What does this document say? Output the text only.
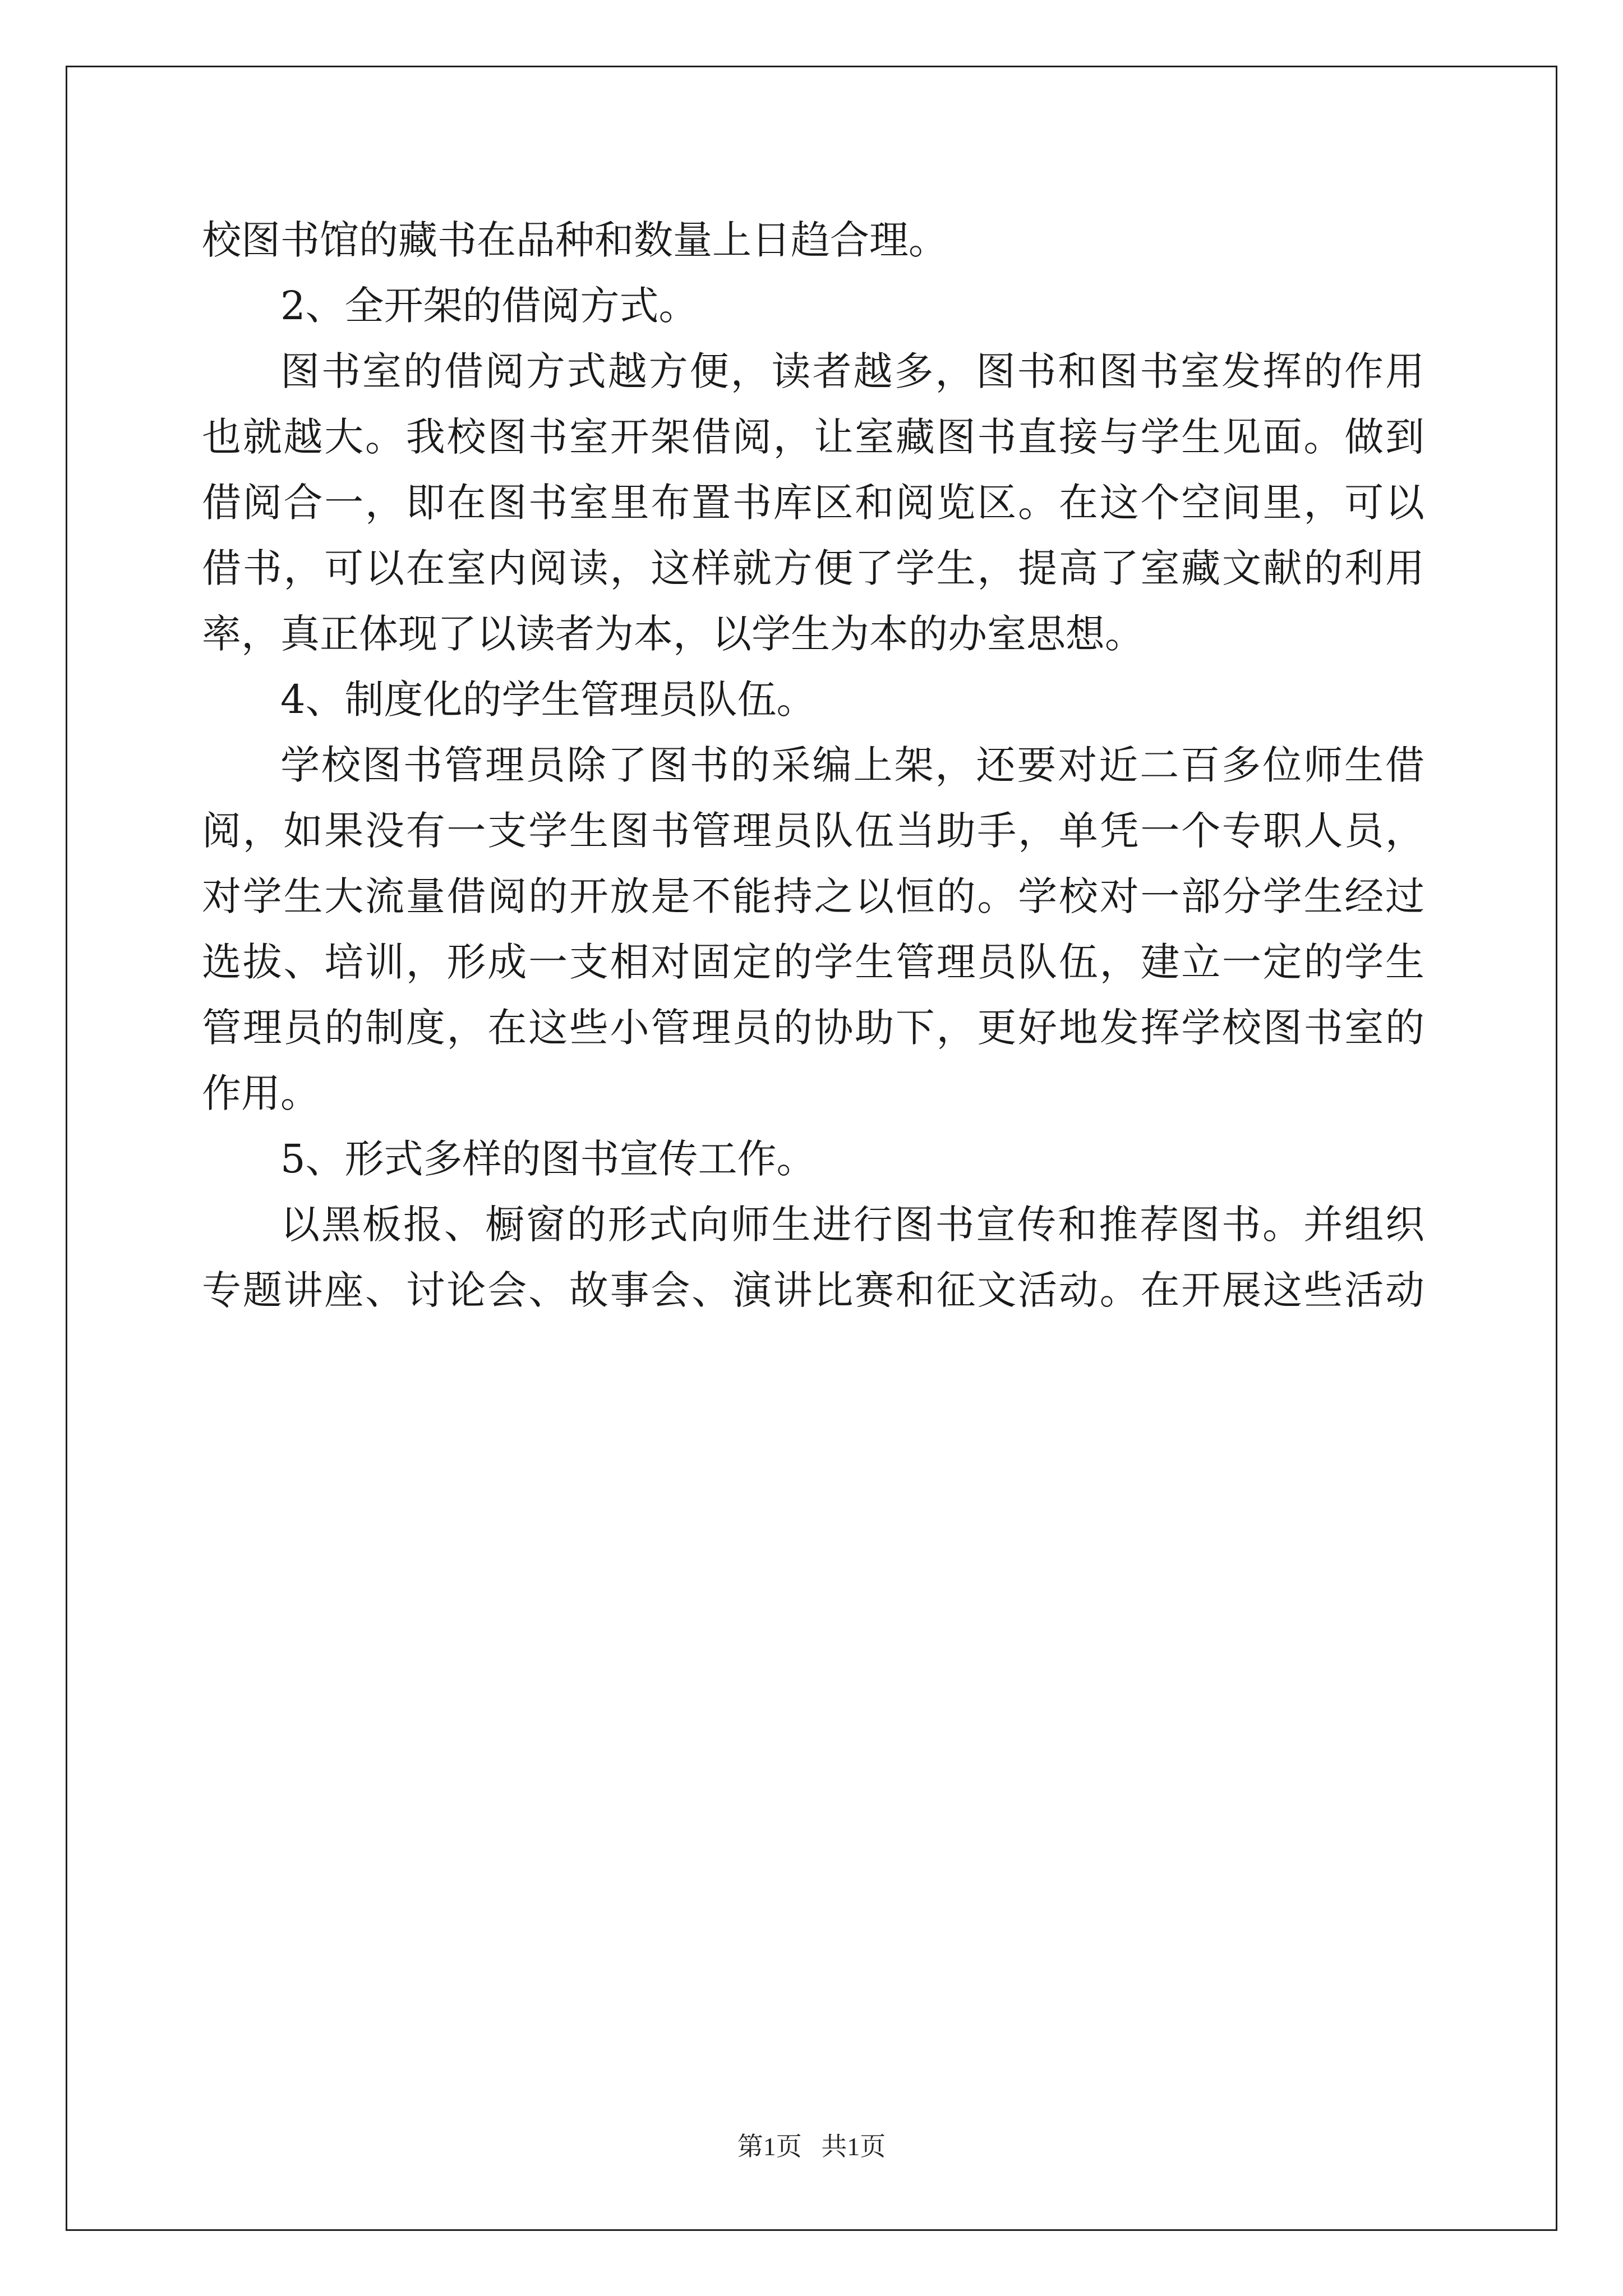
校图书馆的藏书在品种和数量上日趋合理。
2、全开架的借阅方式。
图书室的借阅方式越方便，读者越多，图书和图书室发挥的作用
也就越大。我校图书室开架借阅，让室藏图书直接与学生见面。做到
借阅合一，即在图书室里布置书库区和阅览区。在这个空间里，可以
借书，可以在室内阅读，这样就方便了学生，提高了室藏文献的利用
率，真正体现了以读者为本，以学生为本的办室思想。
4、制度化的学生管理员队伍。
学校图书管理员除了图书的采编上架，还要对近二百多位师生借
阅，如果没有一支学生图书管理员队伍当助手，单凭一个专职人员，
对学生大流量借阅的开放是不能持之以恒的。学校对一部分学生经过
选拔、培训，形成一支相对固定的学生管理员队伍，建立一定的学生
管理员的制度，在这些小管理员的协助下，更好地发挥学校图书室的
作用。
5、形式多样的图书宣传工作。
以黑板报、橱窗的形式向师生进行图书宣传和推荐图书。并组织
专题讲座、讨论会、故事会、演讲比赛和征文活动。在开展这些活动
第1页 共1页
